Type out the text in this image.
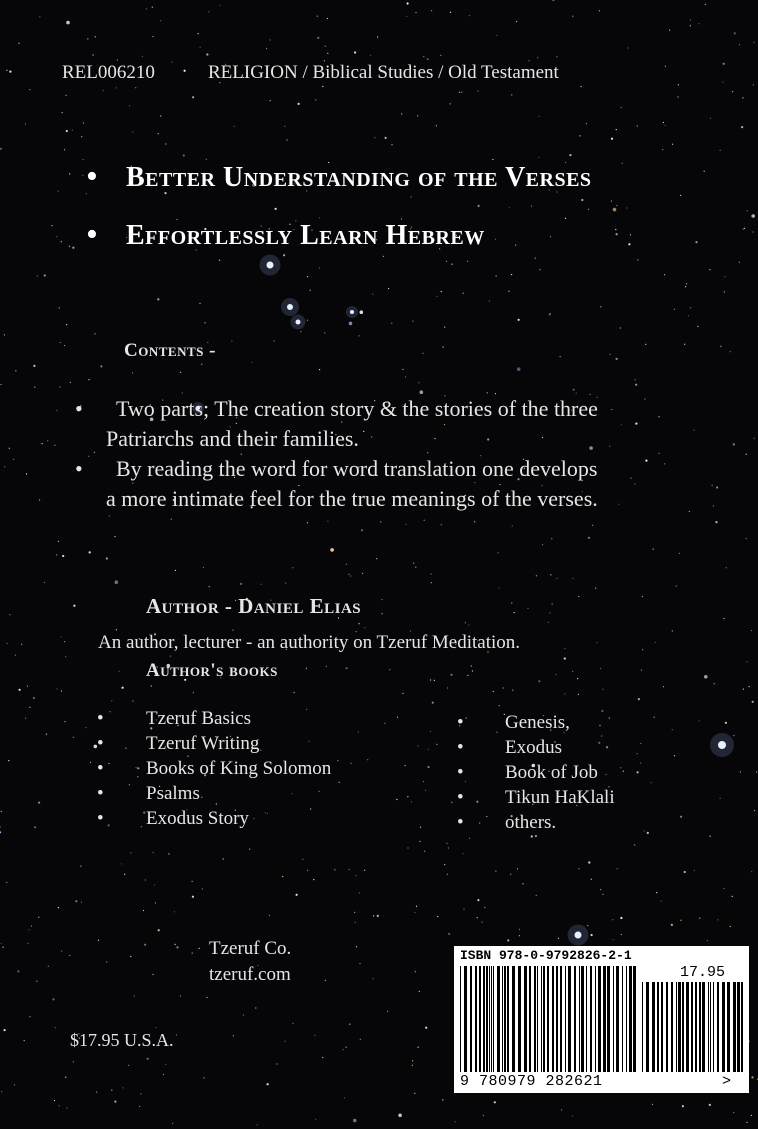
REL006210	RELIGION / Biblical Studies / Old Testament
• Better Understanding of the Verses
• Effortlessly Learn Hebrew
Contents -
• Two parts; The creation story & the stories of the three
Patriarchs and their families.
• By reading the word for word translation one develops
a more intimate feel for the true meanings of the verses.
Author - Daniel Elias
An author, lecturer - an authority on Tzeruf Meditation.
Author's books
• Tzeruf Basics
• Tzeruf Writing
• Books of King Solomon
• Psalms
• Exodus Story
• Genesis,
• Exodus
• Book of Job
• Tikun HaKlali
• others.
Tzeruf Co.
tzeruf.com
$17.95 U.S.A.
ISBN 978-0-9792826-2-1
17.95
9 780979 282621	>
